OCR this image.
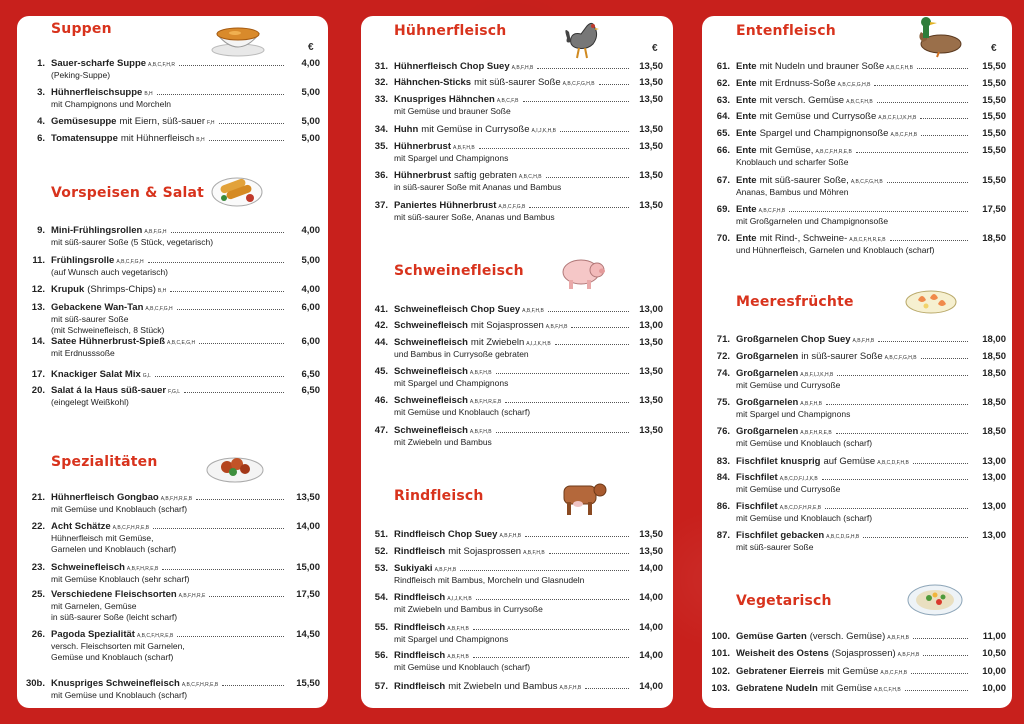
Suppen
€
1. Sauer-scharfe Suppe A,B,C,F,H,R	4,00
(Peking-Suppe)
3. Hühnerfleischsuppe B,H	5,00
mit Champignons und Morcheln
4. Gemüsesuppe mit Eiern, süß-sauer F,H	5,00
6. Tomatensuppe mit Hühnerfleisch B,H	5,00
Vorspeisen & Salat
9. Mini-Frühlingsrollen A,B,F,G,H	4,00
mit süß-saurer Soße (5 Stück, vegetarisch)
11. Frühlingsrolle A,B,C,F,G,H	5,00
(auf Wunsch auch vegetarisch)
12. Krupuk (Shrimps-Chips) B,H	4,00
13. Gebackene Wan-Tan A,B,C,F,G,H	6,00
mit süß-saurer Soße
(mit Schweinefleisch, 8 Stück)
14. Satee Hühnerbrust-Spieß A,B,C,E,G,H	6,00
mit Erdnusssoße
17. Knackiger Salat Mix G,L	6,50
20. Salat á la Haus süß-sauer F,G,L	6,50
(eingelegt Weißkohl)
Spezialitäten
21. Hühnerfleisch Gongbao A,B,F,H,R,E,B	13,50
mit Gemüse und Knoblauch (scharf)
22. Acht Schätze A,B,C,F,H,R,E,B	14,00
Hühnerfleisch mit Gemüse,
Garnelen und Knoblauch (scharf)
23. Schweinefleisch A,B,F,H,R,E,B	15,00
mit Gemüse Knoblauch (sehr scharf)
25. Verschiedene Fleischsorten A,B,F,H,R,E	17,50
mit Garnelen, Gemüse
in süß-saurer Soße (leicht scharf)
26. Pagoda Spezialität A,B,C,F,H,R,E,B	14,50
versch. Fleischsorten mit Garnelen,
Gemüse und Knoblauch (scharf)
30b. Knuspriges Schweinefleisch A,B,C,F,H,R,E,B	15,50
mit Gemüse und Knoblauch (scharf)
Hühnerfleisch
€
31. Hühnerfleisch Chop Suey A,B,F,H,B	13,50
32. Hähnchen-Sticks mit süß-saurer Soße A,B,C,F,G,H,B	13,50
33. Knuspriges Hähnchen A,B,C,F,B	13,50
mit Gemüse und brauner Soße
34. Huhn mit Gemüse in Currysoße A,I,J,K,H,B	13,50
35. Hühnerbrust A,B,F,H,B	13,50
mit Spargel und Champignons
36. Hühnerbrust saftig gebraten A,B,C,H,B	13,50
in süß-saurer Soße mit Ananas und Bambus
37. Paniertes Hühnerbrust A,B,C,F,G,B	13,50
mit süß-saurer Soße, Ananas und Bambus
Schweinefleisch
41. Schweinefleisch Chop Suey A,B,F,H,B	13,00
42. Schweinefleisch mit Sojasprossen A,B,F,H,B	13,00
44. Schweinefleisch mit Zwiebeln A,I,J,K,H,B	13,50
und Bambus in Currysoße gebraten
45. Schweinefleisch A,B,F,H,B	13,50
mit Spargel und Champignons
46. Schweinefleisch A,B,F,H,R,E,B	13,50
mit Gemüse und Knoblauch (scharf)
47. Schweinefleisch A,B,F,H,B	13,50
mit Zwiebeln und Bambus
Rindfleisch
51. Rindfleisch Chop Suey A,B,F,H,B	13,50
52. Rindfleisch mit Sojasprossen A,B,F,H,B	13,50
53. Sukiyaki A,B,F,H,B	14,00
Rindfleisch mit Bambus, Morcheln und Glasnudeln
54. Rindfleisch A,I,J,K,H,B	14,00
mit Zwiebeln und Bambus in Currysoße
55. Rindfleisch A,B,F,H,B	14,00
mit Spargel und Champignons
56. Rindfleisch A,B,F,H,B	14,00
mit Gemüse und Knoblauch (scharf)
57. Rindfleisch mit Zwiebeln und Bambus A,B,F,H,B	14,00
Entenfleisch
€
61. Ente mit Nudeln und brauner Soße A,B,C,F,H,B	15,50
62. Ente mit Erdnuss-Soße A,B,C,E,G,H,B	15,50
63. Ente mit versch. Gemüse A,B,C,F,H,B	15,50
64. Ente mit Gemüse und Currysoße A,B,C,F,I,J,K,H,B	15,50
65. Ente Spargel und Champignonsoße A,B,C,F,H,B	15,50
66. Ente mit Gemüse, A,B,C,F,H,R,E,B	15,50
Knoblauch und scharfer Soße
67. Ente mit süß-saurer Soße, A,B,C,F,G,H,B	15,50
Ananas, Bambus und Möhren
69. Ente A,B,C,F,H,B	17,50
mit Großgarnelen und Champignonsoße
70. Ente mit Rind-, Schweine- A,B,C,F,H,R,E,B	18,50
und Hühnerfleisch, Garnelen und Knoblauch (scharf)
Meeresfrüchte
71. Großgarnelen Chop Suey A,B,F,H,B	18,00
72. Großgarnelen in süß-saurer Soße A,B,C,F,G,H,B	18,50
74. Großgarnelen A,B,F,I,J,K,H,B	18,50
mit Gemüse und Currysoße
75. Großgarnelen A,B,F,H,B	18,50
mit Spargel und Champignons
76. Großgarnelen A,B,F,H,R,E,B	18,50
mit Gemüse und Knoblauch (scharf)
83. Fischfilet knusprig auf Gemüse A,B,C,D,F,H,B	13,00
84. Fischfilet A,B,C,D,F,I,J,K,B	13,00
mit Gemüse und Currysoße
86. Fischfilet A,B,C,D,F,H,R,E,B	13,00
mit Gemüse und Knoblauch (scharf)
87. Fischfilet gebacken A,B,C,D,G,H,B	13,00
mit süß-saurer Soße
Vegetarisch
100. Gemüse Garten (versch. Gemüse) A,B,F,H,B	11,00
101. Weisheit des Ostens (Sojasprossen) A,B,F,H,B	10,50
102. Gebratener Eierreis mit Gemüse A,B,C,F,H,B	10,00
103. Gebratene Nudeln mit Gemüse A,B,C,F,H,B	10,00
